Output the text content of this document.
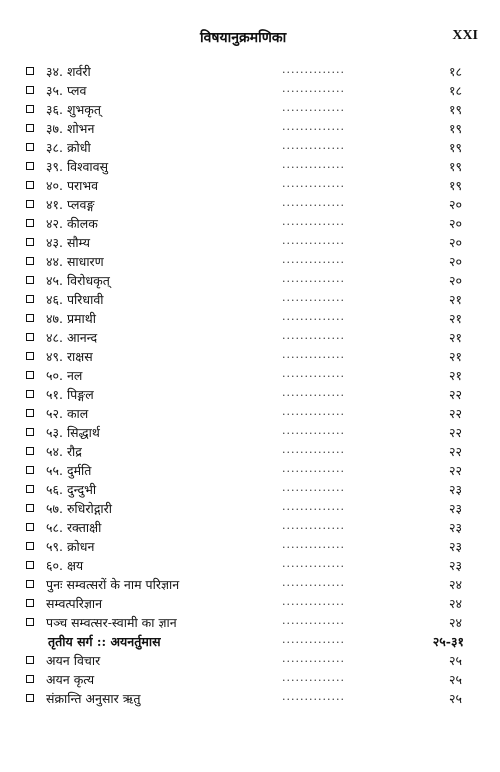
विषयानुक्रमणिका	XXI
३४. शर्वरी	..............	१८
३५. प्लव	..............	१८
३६. शुभकृत्	..............	१९
३७. शोभन	..............	१९
३८. क्रोधी	..............	१९
३९. विश्वावसु	..............	१९
४०. पराभव	..............	१९
४१. प्लवङ्ग	..............	२०
४२. कीलक	..............	२०
४३. सौम्य	..............	२०
४४. साधारण	..............	२०
४५. विरोधकृत्	..............	२०
४६. परिधावी	..............	२१
४७. प्रमाथी	..............	२१
४८. आनन्द	..............	२१
४९. राक्षस	..............	२१
५०. नल	..............	२१
५१. पिङ्गल	..............	२२
५२. काल	..............	२२
५३. सिद्धार्थ	..............	२२
५४. रौद्र	..............	२२
५५. दुर्मति	..............	२२
५६. दुन्दुभी	..............	२३
५७. रुधिरोद्गारी	..............	२३
५८. रक्ताक्षी	..............	२३
५९. क्रोधन	..............	२३
६०. क्षय	..............	२३
पुनः सम्वत्सरों के नाम परिज्ञान	..............	२४
सम्वत्परिज्ञान	..............	२४
पञ्च सम्वत्सर-स्वामी का ज्ञान	..............	२४
तृतीय सर्ग :: अयनर्तुमास	..............	२५-३१
अयन विचार	..............	२५
अयन कृत्य	..............	२५
संक्रान्ति अनुसार ऋतु	..............	२५
